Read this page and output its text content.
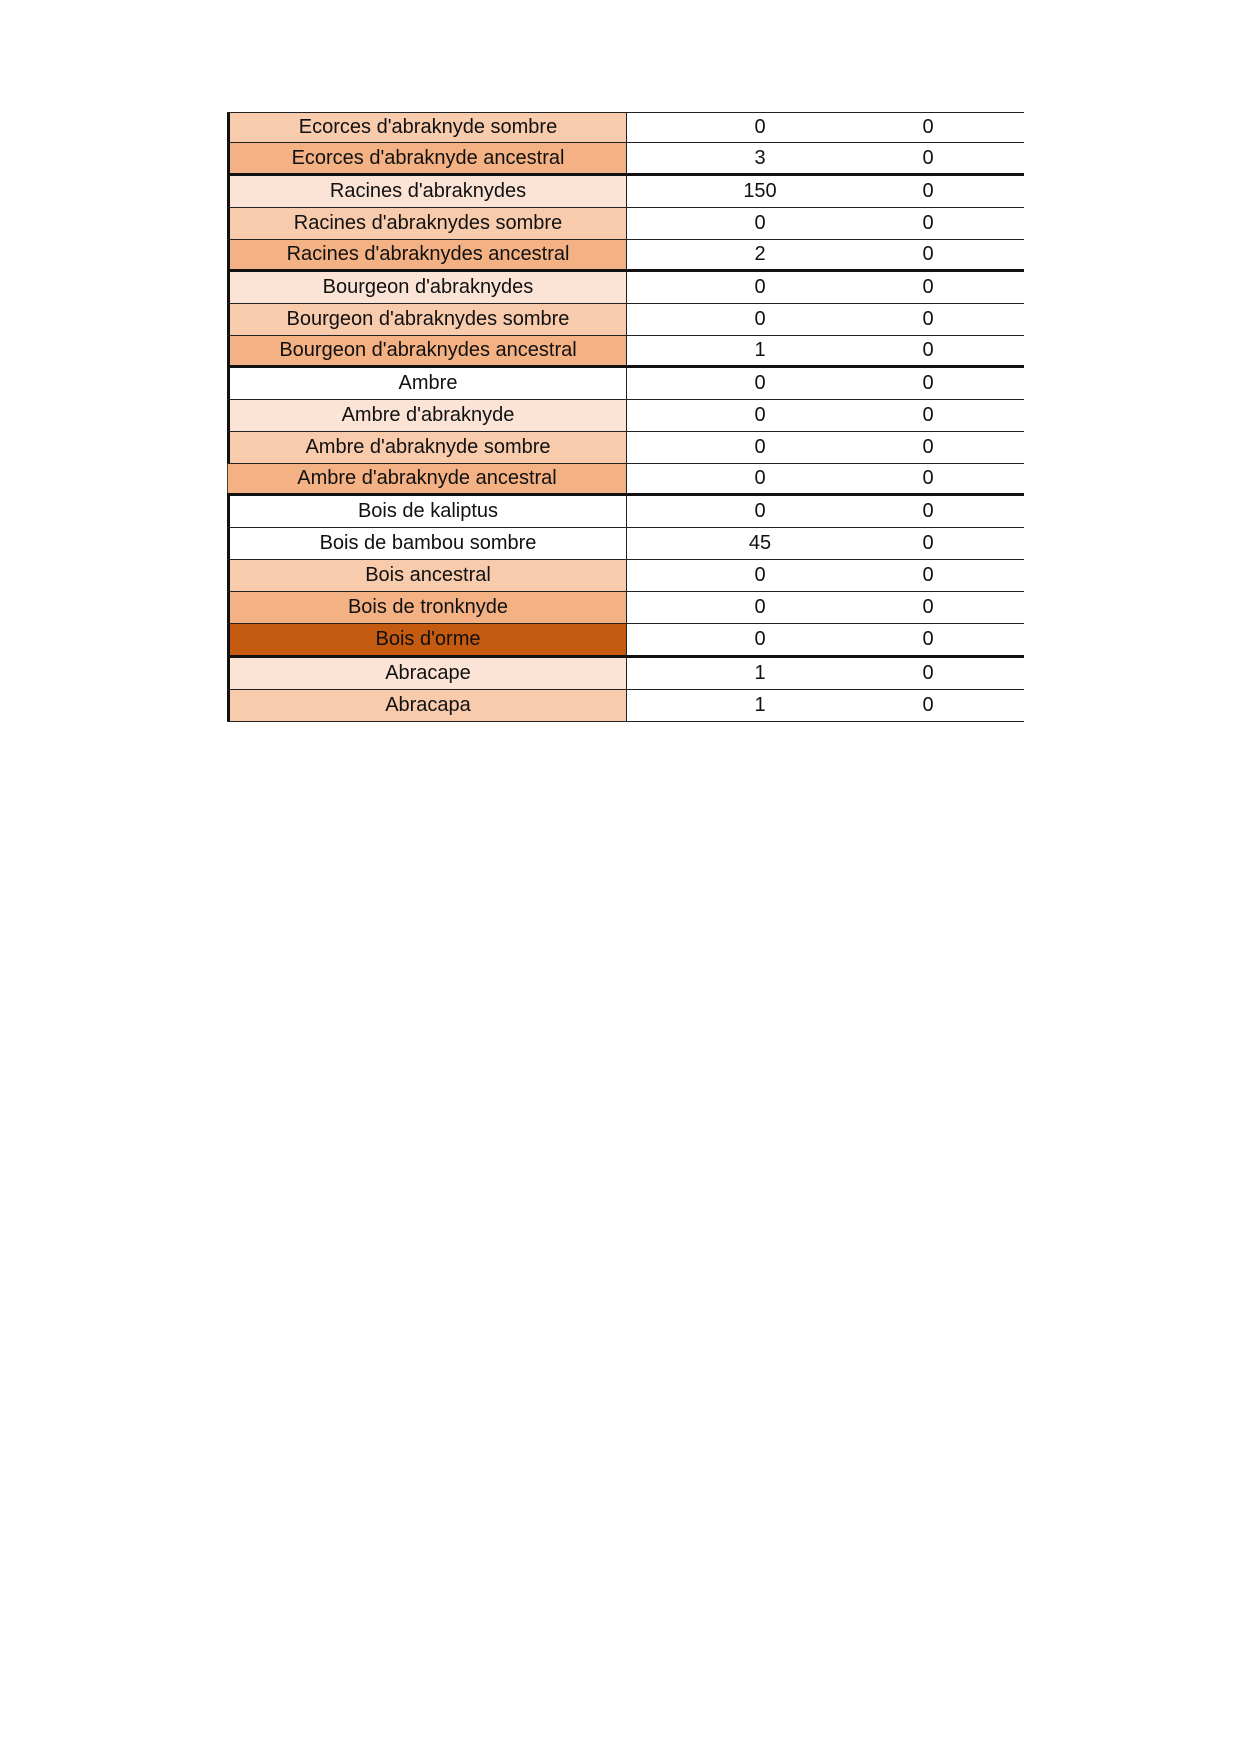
Ecorces d'abraknyde sombre	0	0
Ecorces d'abraknyde ancestral	3	0
Racines d'abraknydes	150	0
Racines d'abraknydes sombre	0	0
Racines d'abraknydes ancestral	2	0
Bourgeon d'abraknydes	0	0
Bourgeon d'abraknydes sombre	0	0
Bourgeon d'abraknydes ancestral	1	0
Ambre	0	0
Ambre d'abraknyde	0	0
Ambre d'abraknyde sombre	0	0
Ambre d'abraknyde ancestral	0	0
Bois de kaliptus	0	0
Bois de bambou sombre	45	0
Bois ancestral	0	0
Bois de tronknyde	0	0
Bois d'orme	0	0
Abracape	1	0
Abracapa	1	0
